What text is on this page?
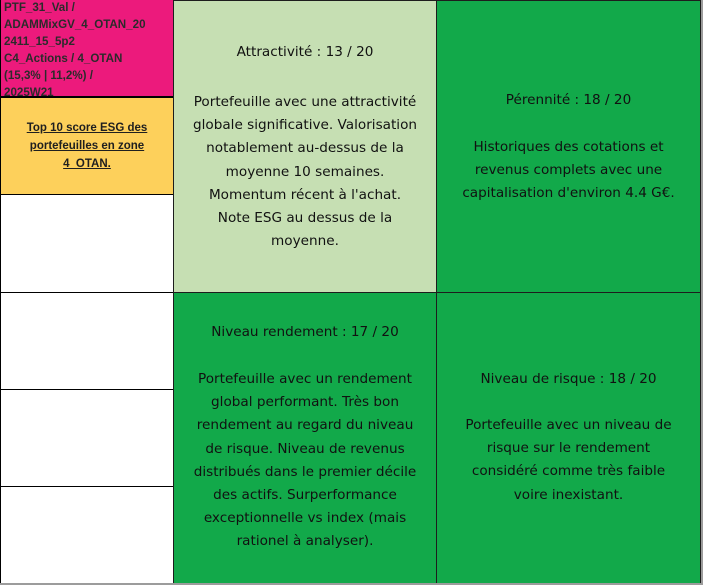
PTF_31_Val /
ADAMMixGV_4_OTAN_20
2411_15_5p2
C4_Actions / 4_OTAN
(15,3% | 11,2%) /
2025W21
Top 10 score ESG des
portefeuilles en zone
4_OTAN.
Attractivité : 13 / 20
Portefeuille avec une attractivité
globale significative. Valorisation
notablement au-dessus de la
moyenne 10 semaines.
Momentum récent à l'achat.
Note ESG au dessus de la
moyenne.
Pérennité : 18 / 20
Historiques des cotations et
revenus complets avec une
capitalisation d'environ 4.4 G€.
Niveau rendement : 17 / 20
Portefeuille avec un rendement
global performant. Très bon
rendement au regard du niveau
de risque. Niveau de revenus
distribués dans le premier décile
des actifs. Surperformance
exceptionnelle vs index (mais
rationel à analyser).
Niveau de risque : 18 / 20
Portefeuille avec un niveau de
risque sur le rendement
considéré comme très faible
voire inexistant.
